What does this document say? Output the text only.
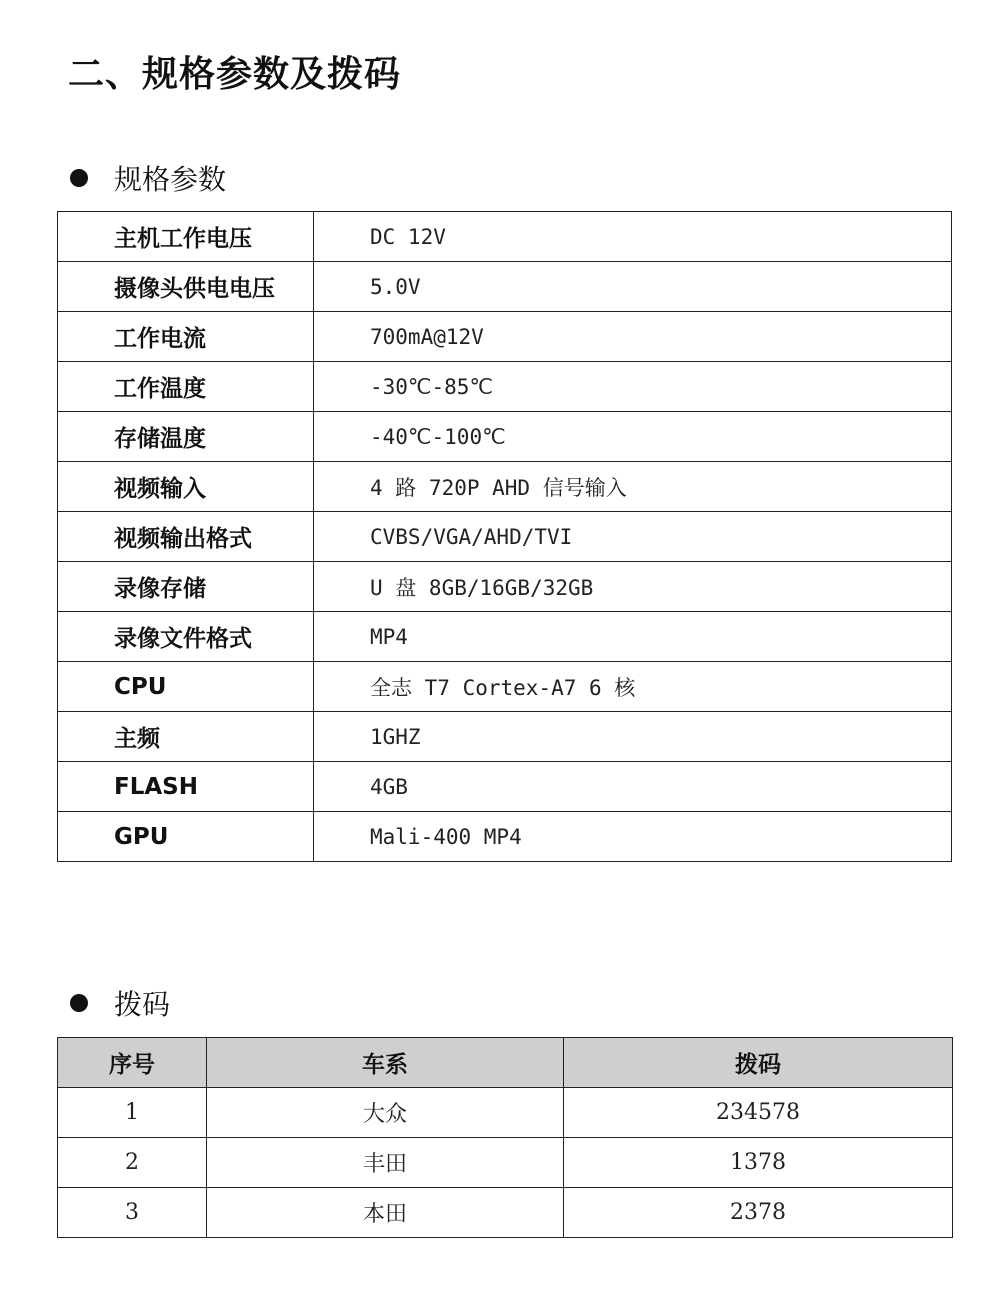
二、规格参数及拨码
规格参数
主机工作电压	DC 12V
摄像头供电电压	5.0V
工作电流	700mA@12V
工作温度	-30℃-85℃
存储温度	-40℃-100℃
视频输入	4 路 720P AHD 信号输入
视频输出格式	CVBS/VGA/AHD/TVI
录像存储	U 盘 8GB/16GB/32GB
录像文件格式	MP4
CPU	全志 T7 Cortex-A7 6 核
主频	1GHZ
FLASH	4GB
GPU	Mali-400 MP4
拨码
序号	车系	拨码
1	大众	234578
2	丰田	1378
3	本田	2378
